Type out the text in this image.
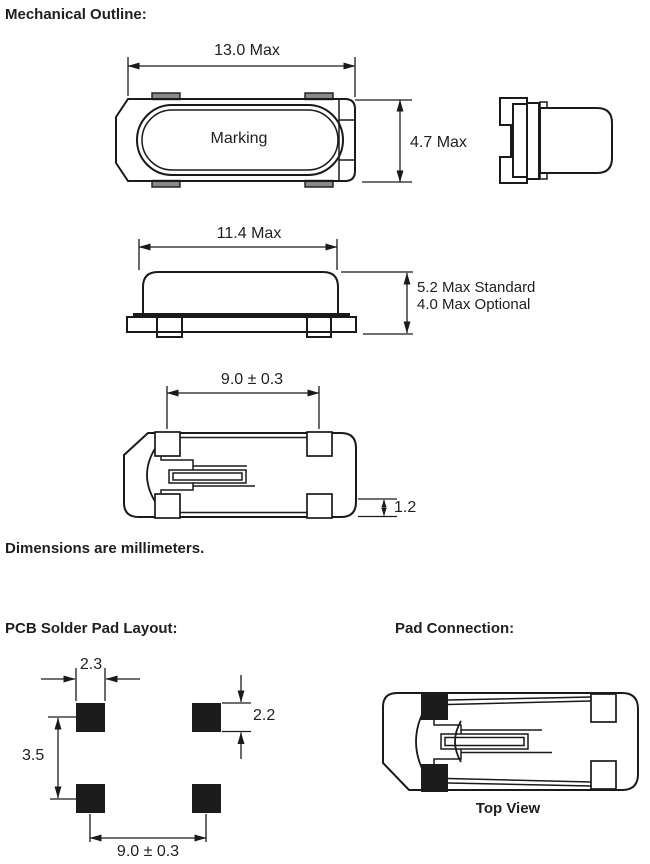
Mechanical Outline:
13.0 Max
Marking	4.7 Max
11.4 Max
5.2 Max Standard
4.0 Max Optional
9.0 ± 0.3
1.2
Dimensions are millimeters.
PCB Solder Pad Layout:
2.3
2.2
3.5
9.0 ± 0.3
Pad Connection:
Top View
